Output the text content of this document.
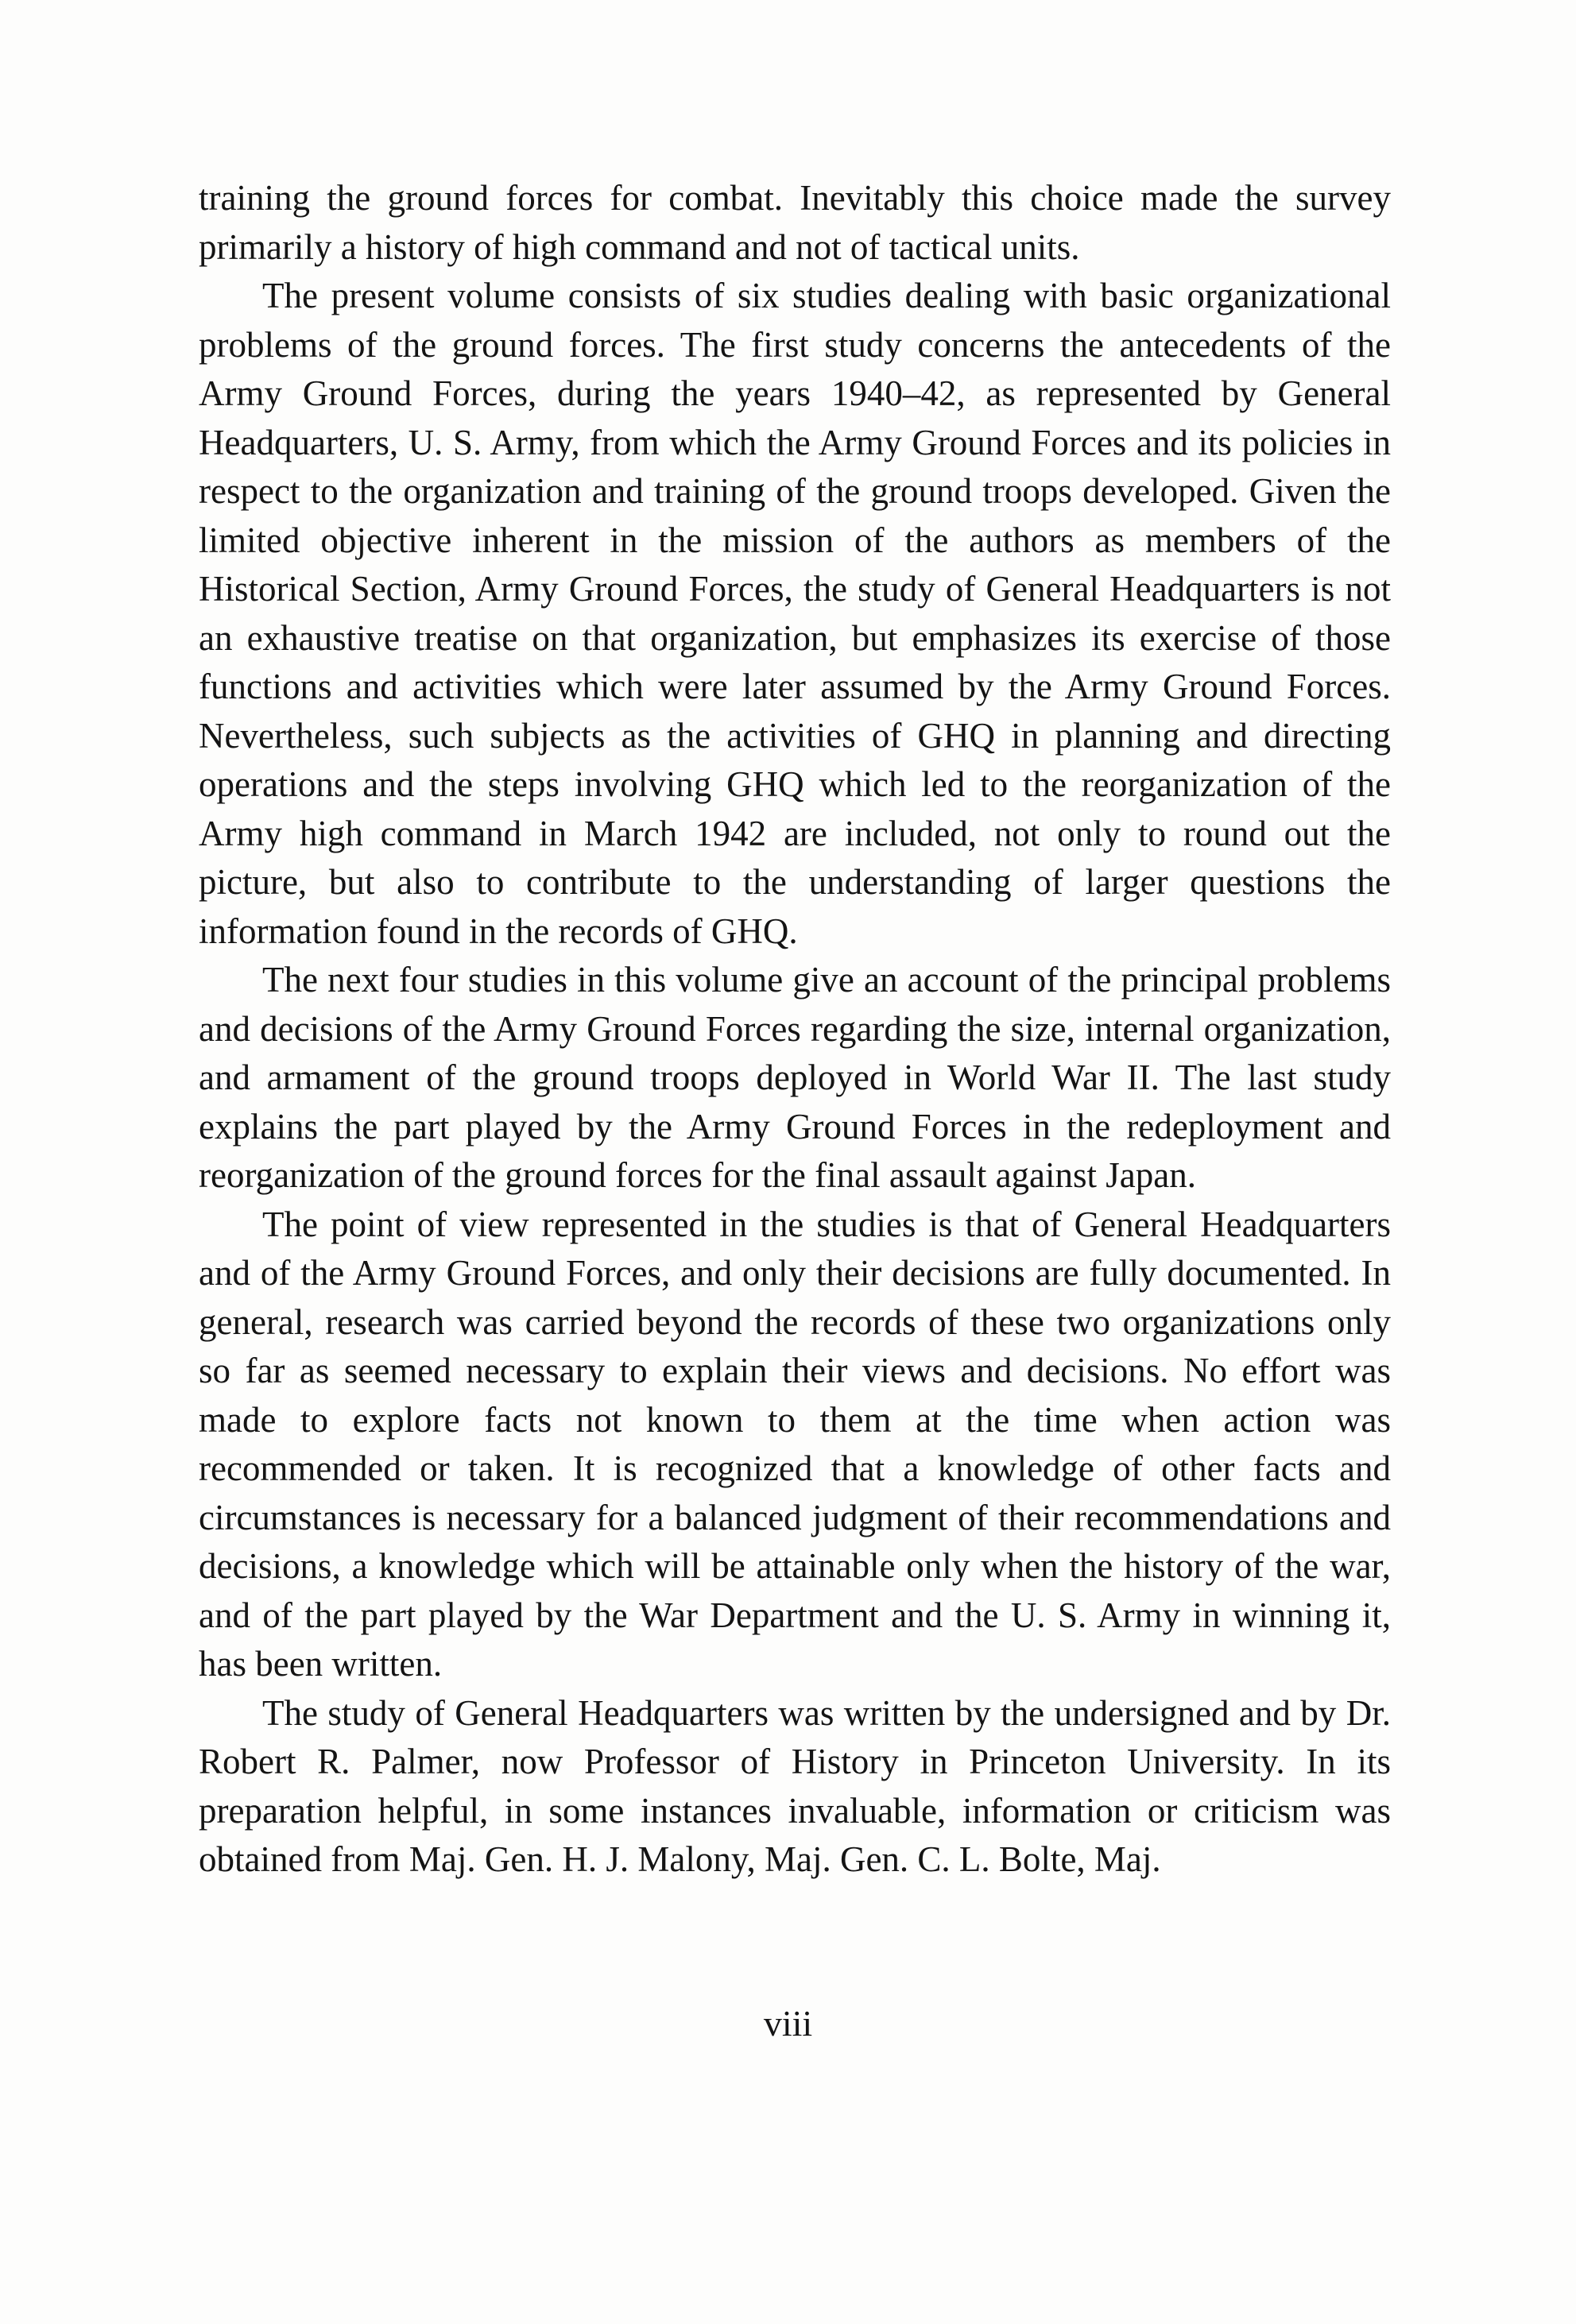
training the ground forces for combat. Inevitably this choice made the survey primarily a history of high command and not of tactical units.

The present volume consists of six studies dealing with basic organizational problems of the ground forces. The first study concerns the antecedents of the Army Ground Forces, during the years 1940–42, as represented by General Headquarters, U. S. Army, from which the Army Ground Forces and its policies in respect to the organization and training of the ground troops developed. Given the limited objective inherent in the mission of the authors as members of the Historical Section, Army Ground Forces, the study of General Headquarters is not an exhaustive treatise on that organization, but emphasizes its exercise of those functions and activities which were later assumed by the Army Ground Forces. Nevertheless, such subjects as the activities of GHQ in planning and directing operations and the steps involving GHQ which led to the reorganization of the Army high command in March 1942 are included, not only to round out the picture, but also to contribute to the understanding of larger questions the information found in the records of GHQ.

The next four studies in this volume give an account of the principal problems and decisions of the Army Ground Forces regarding the size, internal organization, and armament of the ground troops deployed in World War II. The last study explains the part played by the Army Ground Forces in the redeployment and reorganization of the ground forces for the final assault against Japan.

The point of view represented in the studies is that of General Headquarters and of the Army Ground Forces, and only their decisions are fully documented. In general, research was carried beyond the records of these two organizations only so far as seemed necessary to explain their views and decisions. No effort was made to explore facts not known to them at the time when action was recommended or taken. It is recognized that a knowledge of other facts and circumstances is necessary for a balanced judgment of their recommendations and decisions, a knowledge which will be attainable only when the history of the war, and of the part played by the War Department and the U. S. Army in winning it, has been written.

The study of General Headquarters was written by the undersigned and by Dr. Robert R. Palmer, now Professor of History in Princeton University. In its preparation helpful, in some instances invaluable, information or criticism was obtained from Maj. Gen. H. J. Malony, Maj. Gen. C. L. Bolte, Maj.

viii
